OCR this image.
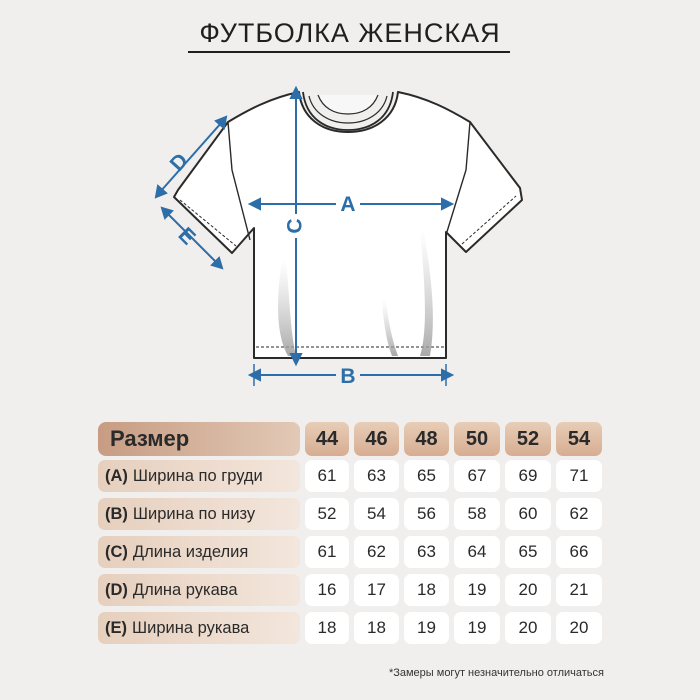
ФУТБОЛКА ЖЕНСКАЯ
A
B
C
D
E
Размер	44	46	48	50	52	54
(A) Ширина по груди	61	63	65	67	69	71
(B) Ширина по низу	52	54	56	58	60	62
(C) Длина изделия	61	62	63	64	65	66
(D) Длина рукава	16	17	18	19	20	21
(E) Ширина рукава	18	18	19	19	20	20
*Замеры могут незначительно отличаться
